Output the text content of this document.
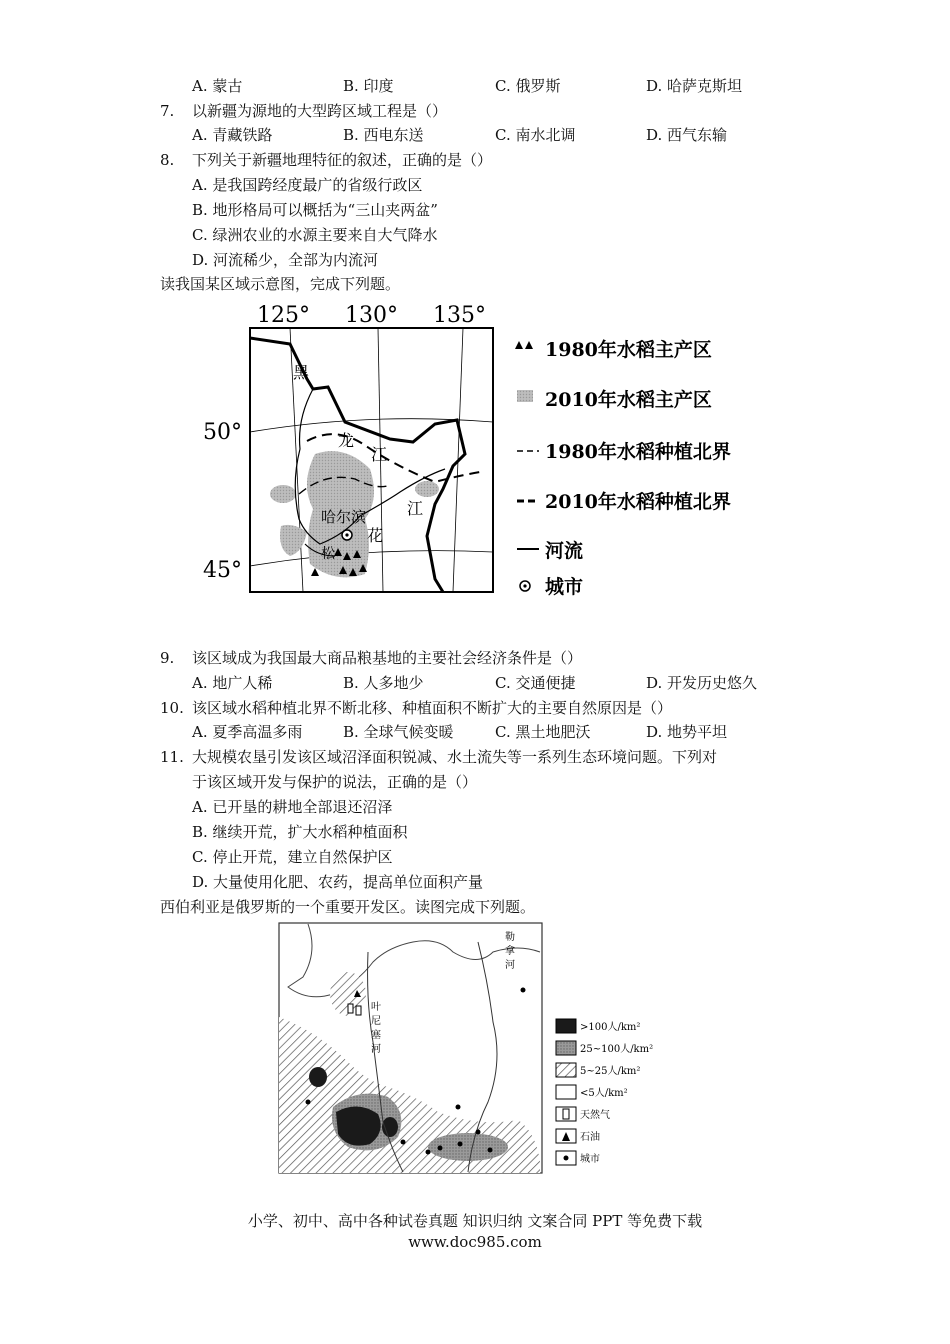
A. 蒙古	B. 印度	C. 俄罗斯	D. 哈萨克斯坦
7. 以新疆为源地的大型跨区域工程是（）
A. 青藏铁路	B. 西电东送	C. 南水北调	D. 西气东输
8. 下列关于新疆地理特征的叙述，正确的是（）
A. 是我国跨经度最广的省级行政区
B. 地形格局可以概括为“三山夹两盆”
C. 绿洲农业的水源主要来自大气降水
D. 河流稀少，全部为内流河
读我国某区域示意图，完成下列题。
125° 130° 135°
50°
45°
黑
龙
江
江
花
松
哈尔滨
1980年水稻主产区
2010年水稻主产区
1980年水稻种植北界
2010年水稻种植北界
河流
城市
9. 该区域成为我国最大商品粮基地的主要社会经济条件是（）
A. 地广人稀	B. 人多地少	C. 交通便捷	D. 开发历史悠久
10. 该区域水稻种植北界不断北移、种植面积不断扩大的主要自然原因是（）
A. 夏季高温多雨	B. 全球气候变暖	C. 黑土地肥沃	D. 地势平坦
11. 大规模农垦引发该区域沼泽面积锐减、水土流失等一系列生态环境问题。下列对
于该区域开发与保护的说法，正确的是（）
A. 已开垦的耕地全部退还沼泽
B. 继续开荒，扩大水稻种植面积
C. 停止开荒，建立自然保护区
D. 大量使用化肥、农药，提高单位面积产量
西伯利亚是俄罗斯的一个重要开发区。读图完成下列题。
叶
尼
塞
河
勒
拿
河
>100人/km²
25~100人/km²
5~25人/km²
<5人/km²
天然气
石油
城市
小学、初中、高中各种试卷真题 知识归纳 文案合同 PPT 等免费下载
www.doc985.com
